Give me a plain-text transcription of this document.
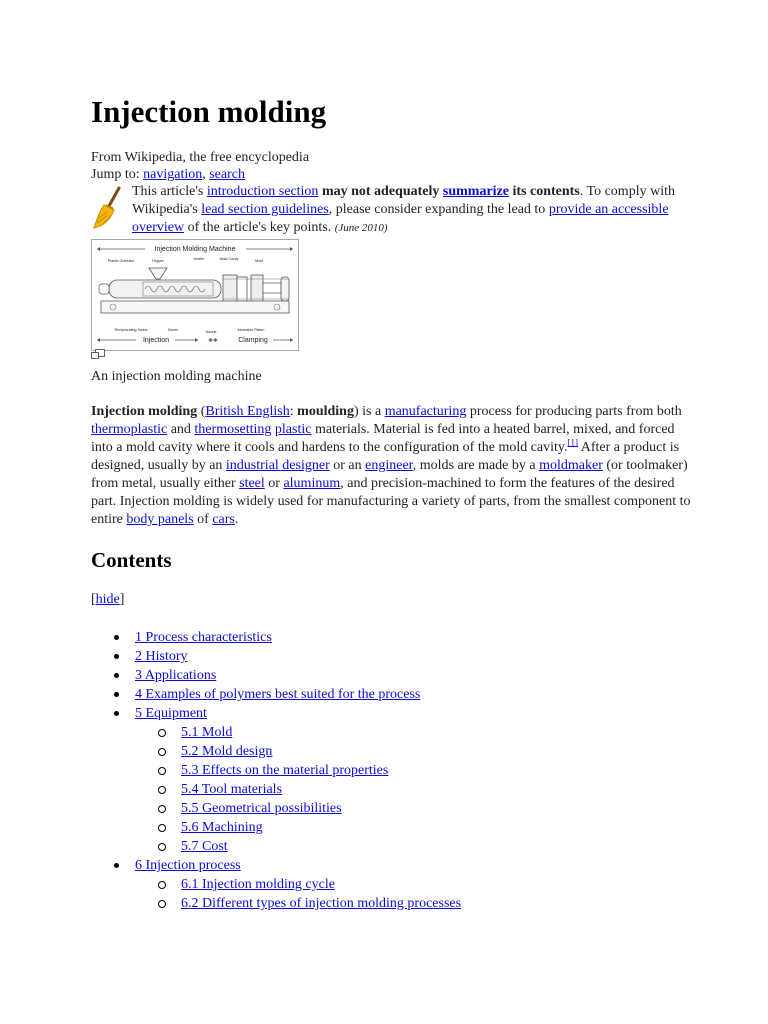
Injection molding
From Wikipedia, the free encyclopedia
Jump to: navigation, search
This article's introduction section may not adequately summarize its contents. To comply with Wikipedia's lead section guidelines, please consider expanding the lead to provide an accessible overview of the article's key points. (June 2010)
Injection Molding Machine
Plastic Granules	Hopper	Heater	Mold Cavity	Mold
Reciprocating Screw	Barrel	Nozzle	Moveable Platen
Injection	Clamping
An injection molding machine
Injection molding (British English: moulding) is a manufacturing process for producing parts from both thermoplastic and thermosetting plastic materials. Material is fed into a heated barrel, mixed, and forced into a mold cavity where it cools and hardens to the configuration of the mold cavity.[1] After a product is designed, usually by an industrial designer or an engineer, molds are made by a moldmaker (or toolmaker) from metal, usually either steel or aluminum, and precision-machined to form the features of the desired part. Injection molding is widely used for manufacturing a variety of parts, from the smallest component to entire body panels of cars.
Contents
[hide]
1 Process characteristics
2 History
3 Applications
4 Examples of polymers best suited for the process
5 Equipment
5.1 Mold
5.2 Mold design
5.3 Effects on the material properties
5.4 Tool materials
5.5 Geometrical possibilities
5.6 Machining
5.7 Cost
6 Injection process
6.1 Injection molding cycle
6.2 Different types of injection molding processes
